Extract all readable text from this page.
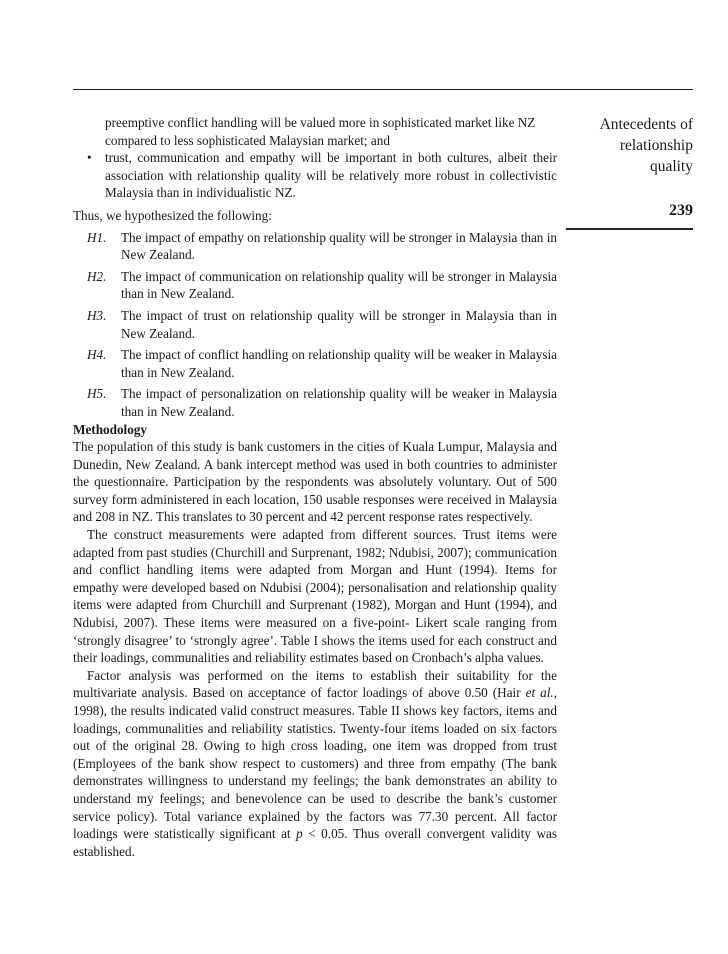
Antecedents of
relationship
quality
239

preemptive conflict handling will be valued more in sophisticated market like NZ
compared to less sophisticated Malaysian market; and

•	trust, communication and empathy will be important in both cultures, albeit their association with relationship quality will be relatively more robust in collectivistic Malaysia than in individualistic NZ.

Thus, we hypothesized the following:

H1.	The impact of empathy on relationship quality will be stronger in Malaysia than in New Zealand.
H2.	The impact of communication on relationship quality will be stronger in Malaysia than in New Zealand.
H3.	The impact of trust on relationship quality will be stronger in Malaysia than in New Zealand.
H4.	The impact of conflict handling on relationship quality will be weaker in Malaysia than in New Zealand.
H5.	The impact of personalization on relationship quality will be weaker in Malaysia than in New Zealand.

Methodology

The population of this study is bank customers in the cities of Kuala Lumpur, Malaysia and Dunedin, New Zealand. A bank intercept method was used in both countries to administer the questionnaire. Participation by the respondents was absolutely voluntary. Out of 500 survey form administered in each location, 150 usable responses were received in Malaysia and 208 in NZ. This translates to 30 percent and 42 percent response rates respectively.

The construct measurements were adapted from different sources. Trust items were adapted from past studies (Churchill and Surprenant, 1982; Ndubisi, 2007); communication and conflict handling items were adapted from Morgan and Hunt (1994). Items for empathy were developed based on Ndubisi (2004); personalisation and relationship quality items were adapted from Churchill and Surprenant (1982), Morgan and Hunt (1994), and Ndubisi, 2007). These items were measured on a five-point- Likert scale ranging from ‘strongly disagree’ to ‘strongly agree’. Table I shows the items used for each construct and their loadings, communalities and reliability estimates based on Cronbach’s alpha values.

Factor analysis was performed on the items to establish their suitability for the multivariate analysis. Based on acceptance of factor loadings of above 0.50 (Hair et al., 1998), the results indicated valid construct measures. Table II shows key factors, items and loadings, communalities and reliability statistics. Twenty-four items loaded on six factors out of the original 28. Owing to high cross loading, one item was dropped from trust (Employees of the bank show respect to customers) and three from empathy (The bank demonstrates willingness to understand my feelings; the bank demonstrates an ability to understand my feelings; and benevolence can be used to describe the bank’s customer service policy). Total variance explained by the factors was 77.30 percent. All factor loadings were statistically significant at p < 0.05. Thus overall convergent validity was established.
